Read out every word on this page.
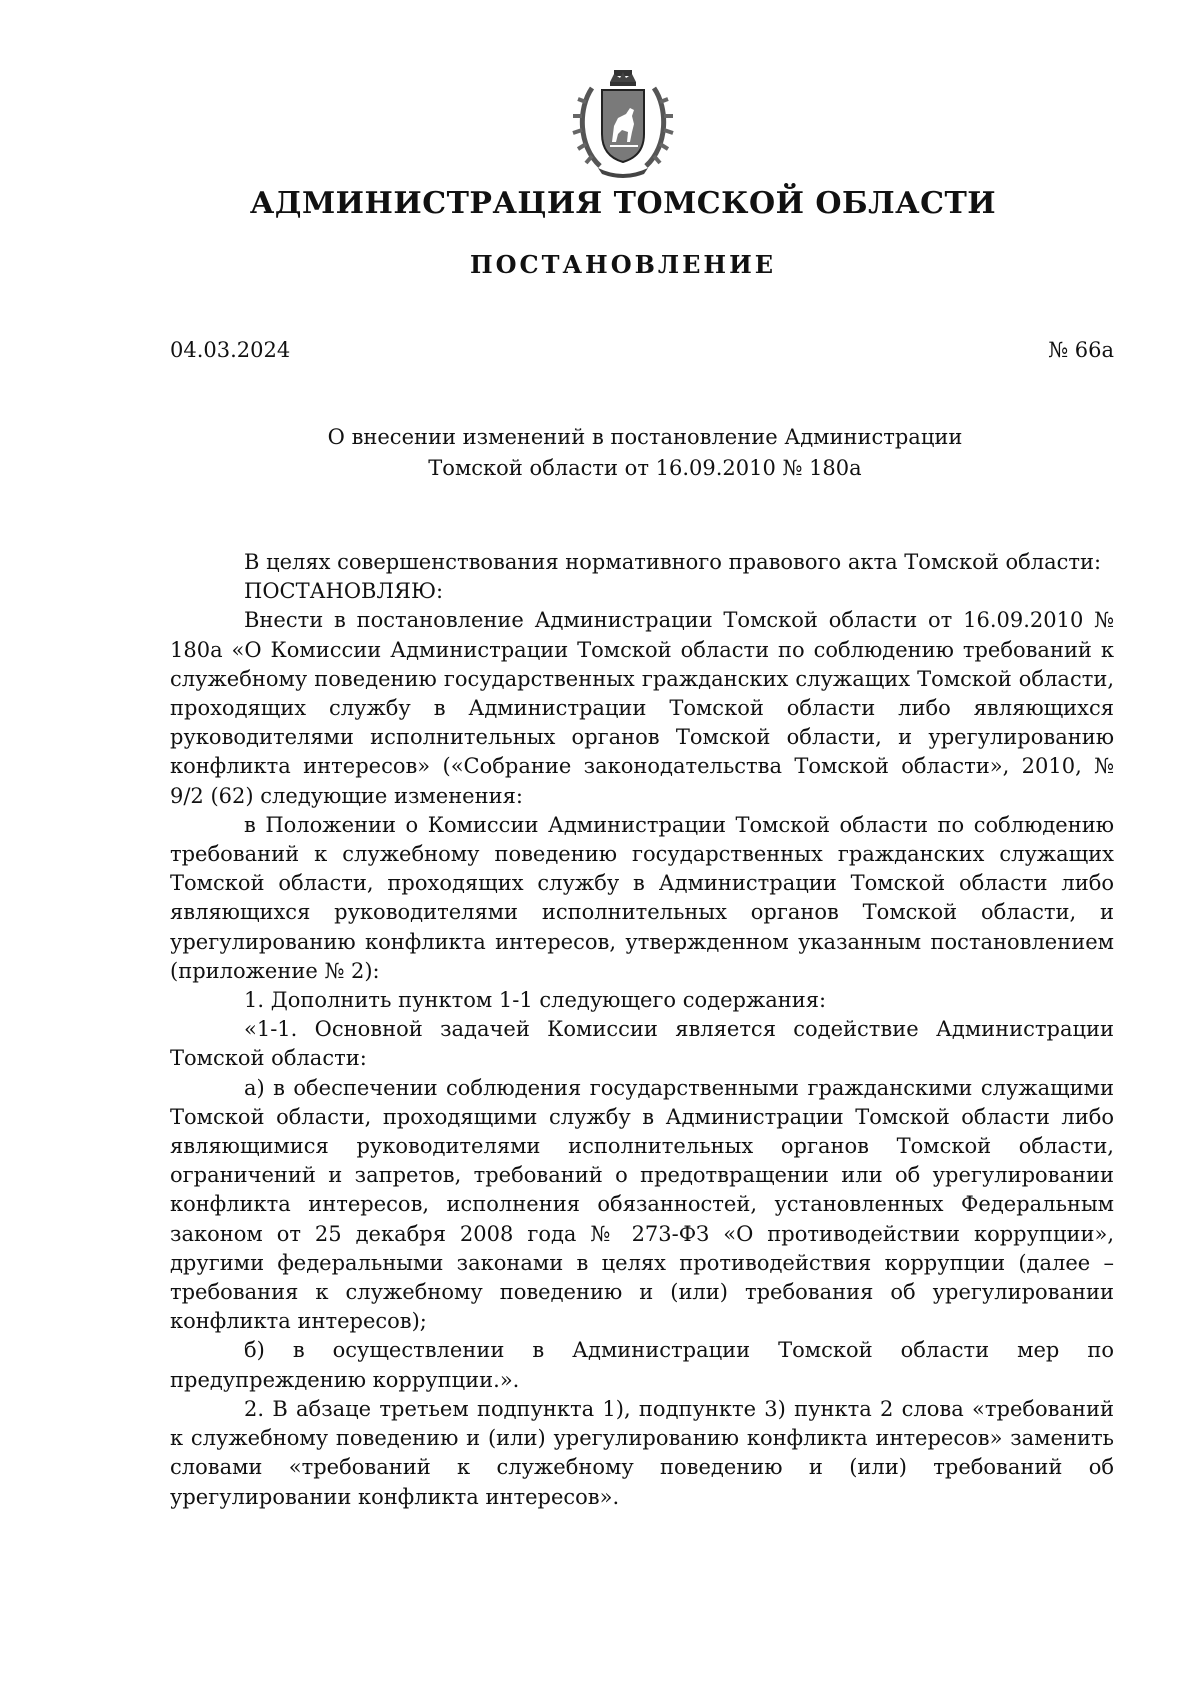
АДМИНИСТРАЦИЯ ТОМСКОЙ ОБЛАСТИ
ПОСТАНОВЛЕНИЕ
04.03.2024	№ 66а
О внесении изменений в постановление Администрации
Томской области от 16.09.2010 № 180а

В целях совершенствования нормативного правового акта Томской области:

ПОСТАНОВЛЯЮ:

Внести в постановление Администрации Томской области от 16.09.2010 № 180а «О Комиссии Администрации Томской области по соблюдению требований к служебному поведению государственных гражданских служащих Томской области, проходящих службу в Администрации Томской области либо являющихся руководителями исполнительных органов Томской области, и урегулированию конфликта интересов» («Собрание законодательства Томской области», 2010, № 9/2 (62) следующие изменения:

в Положении о Комиссии Администрации Томской области по соблюдению требований к служебному поведению государственных гражданских служащих Томской области, проходящих службу в Администрации Томской области либо являющихся руководителями исполнительных органов Томской области, и урегулированию конфликта интересов, утвержденном указанным постановлением (приложение № 2):

1. Дополнить пунктом 1-1 следующего содержания:

«1-1. Основной задачей Комиссии является содействие Администрации Томской области:

а) в обеспечении соблюдения государственными гражданскими служащими Томской области, проходящими службу в Администрации Томской области либо являющимися руководителями исполнительных органов Томской области, ограничений и запретов, требований о предотвращении или об урегулировании конфликта интересов, исполнения обязанностей, установленных Федеральным законом от 25 декабря 2008 года № 273-ФЗ «О противодействии коррупции», другими федеральными законами в целях противодействия коррупции (далее – требования к служебному поведению и (или) требования об урегулировании конфликта интересов);

б) в осуществлении в Администрации Томской области мер по предупреждению коррупции.».

2. В абзаце третьем подпункта 1), подпункте 3) пункта 2 слова «требований к служебному поведению и (или) урегулированию конфликта интересов» заменить словами «требований к служебному поведению и (или) требований об урегулировании конфликта интересов».
